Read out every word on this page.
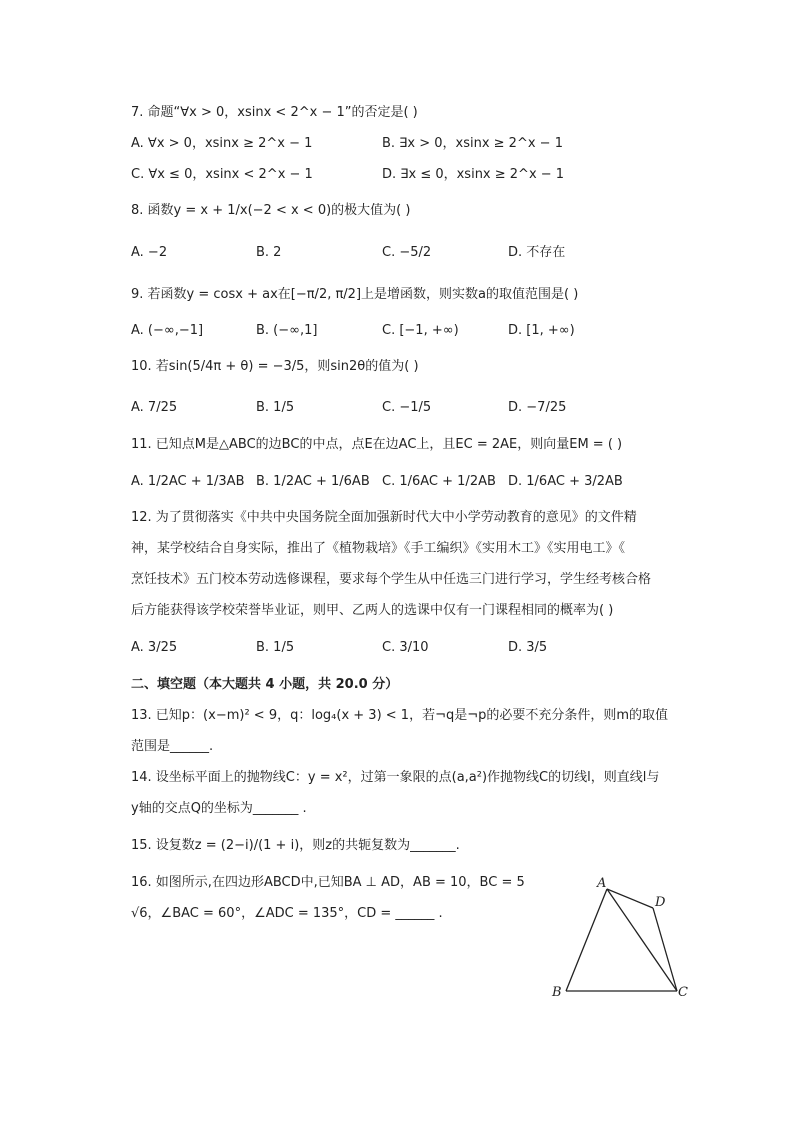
7. 命题“∀x > 0，xsinx < 2^x − 1”的否定是( )
A. ∀x > 0，xsinx ≥ 2^x − 1	B. ∃x > 0，xsinx ≥ 2^x − 1
C. ∀x ≤ 0，xsinx < 2^x − 1	D. ∃x ≤ 0，xsinx ≥ 2^x − 1
8. 函数y = x + 1/x(−2 < x < 0)的极大值为( )
A. −2	B. 2	C. −5/2	D. 不存在
9. 若函数y = cosx + ax在[−π/2, π/2]上是增函数，则实数a的取值范围是( )
A. (−∞,−1]	B. (−∞,1]	C. [−1, +∞)	D. [1, +∞)
10. 若sin(5/4π + θ) = −3/5，则sin2θ的值为( )
A. 7/25	B. 1/5	C. −1/5	D. −7/25
11. 已知点M是△ABC的边BC的中点，点E在边AC上，且EC = 2AE，则向量EM = ( )
A. 1/2AC + 1/3AB B. 1/2AC + 1/6AB C. 1/6AC + 1/2AB D. 1/6AC + 3/2AB
12. 为了贯彻落实《中共中央国务院全面加强新时代大中小学劳动教育的意见》的文件精
神，某学校结合自身实际，推出了《植物栽培》《手工编织》《实用木工》《实用电工》《
烹饪技术》五门校本劳动选修课程，要求每个学生从中任选三门进行学习，学生经考核合格
后方能获得该学校荣誉毕业证，则甲、乙两人的选课中仅有一门课程相同的概率为( )
A. 3/25	B. 1/5	C. 3/10	D. 3/5
二、填空题（本大题共 4 小题，共 20.0 分）
13. 已知p：(x−m)² < 9，q：log₄(x + 3) < 1，若¬q是¬p的必要不充分条件，则m的取值
范围是______.
14. 设坐标平面上的抛物线C：y = x²，过第一象限的点(a,a²)作抛物线C的切线l，则直线l与
y轴的交点Q的坐标为_______ .
15. 设复数z = (2−i)/(1 + i)，则z的共轭复数为_______.
16. 如图所示,在四边形ABCD中,已知BA ⊥ AD，AB = 10，BC = 5
√6，∠BAC = 60°，∠ADC = 135°，CD = ______ .
A
B	C
D
